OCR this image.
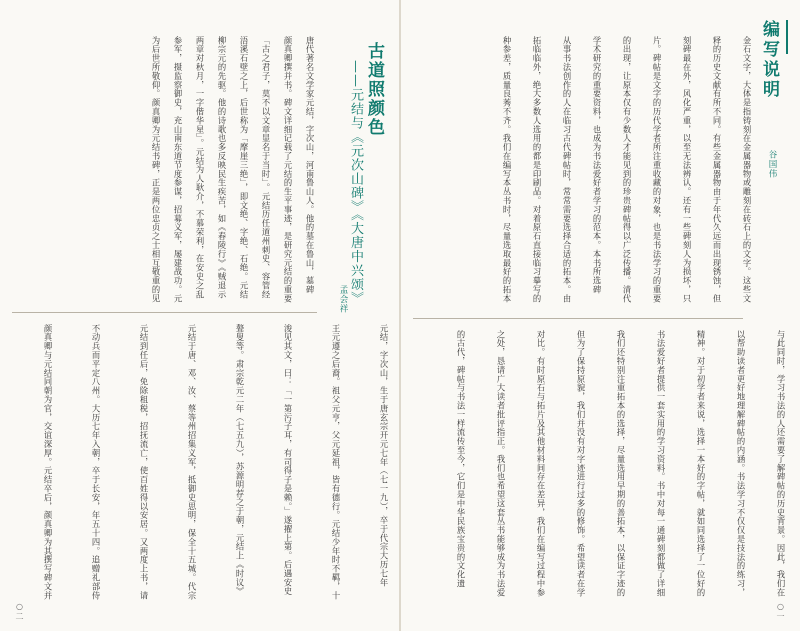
古道照颜色
——元结与《元次山碑》《大唐中兴颂》
孟会祥
唐代著名文学家元结，字次山，河南鲁山人。他的墓在鲁山，墓碑
颜真卿撰并书。碑文详细记载了元结的生平事迹，是研究元结的重要
「古之君子，莫不以文章显名于当时」。元结历任道州刺史、容管经
浯溪石壁之上，后世称为「摩崖三绝」，即文绝、字绝、石绝。元结
柳宗元的先驱。他的诗歌也多反映民生疾苦，如《舂陵行》《贼退示
两章对秋月，一字偕华星」。元结为人耿介，不慕荣利，在安史之乱
参军，摄监察御史，充山南东道节度参谋，招募义军，屡建战功。元
为后世所敬仰。颜真卿为元结书碑，正是两位忠贞之士相互敬重的见
元结，字次山，生于唐玄宗开元七年（七一九），卒于代宗大历七年
王元遵之后裔。祖父元亨，父元延祖，皆有德行。元结少年时不羁，十
浚见其文，曰：「一第污子耳，有司得子是赖。」遂擢上第。后遇安史
聱叟等。肃宗乾元二年（七五九），苏源明荐之于朝，元结上《时议》
元结于唐、邓、汝、蔡等州招集义军，抵御史思明，保全十五城。代宗
元结到任后，免除租税，招抚流亡，使百姓得以安居。又两度上书，请
不动兵而平定八州。大历七年入朝，卒于长安，年五十四。追赠礼部侍
颜真卿与元结同朝为官，交谊深厚。元结卒后，颜真卿为其撰写碑文并
○二
编写说明
谷国伟
金石文字，大体是指铸刻在金属器物或雕刻在砖石上的文字。这些文
释的历史文献有所不同。有些金属器物由于年代久远而出现锈蚀，但
刻碑最在外，风化严重，以至无法辨认。还有一些碑刻人为损坏，只
片。碑帖是文字的历代学者所注重收藏的对象，也是书法学习的重要
的出现，让原本仅有少数人才能见到的珍贵碑帖得以广泛传播。清代
学术研究的重要资料，也成为书法爱好者学习的范本。本书所选碑
从事书法创作的人在临习古代碑帖时，常常需要选择合适的拓本。由
拓临临外，绝大多数人选用的都是印刷品。对着原石直接临习摹写的
种参差，质量良莠不齐。我们在编写本丛书时，尽量选取最好的拓本
与此同时，学习书法的人还需要了解碑帖的历史背景。因此，我们在
以帮助读者更好地理解碑帖的内涵。书法学习不仅仅是技法的练习，
精神。对于初学者来说，选择一本好的字帖，就如同选择了一位好的
书法爱好者提供一套实用的学习资料。书中对每一通碑刻都做了详细
我们还特别注重拓本的选择，尽量选用早期的善拓本，以保证字迹的
但为了保持原貌，我们并没有对字迹进行过多的修饰。希望读者在学
对比。有时原石与拓片及其他材料间存在差异，我们在编写过程中参
之处，恳请广大读者批评指正。我们也希望这套丛书能够成为书法爱
的古代，碑帖与书法一样流传至今，它们是中华民族宝贵的文化遗
○一
